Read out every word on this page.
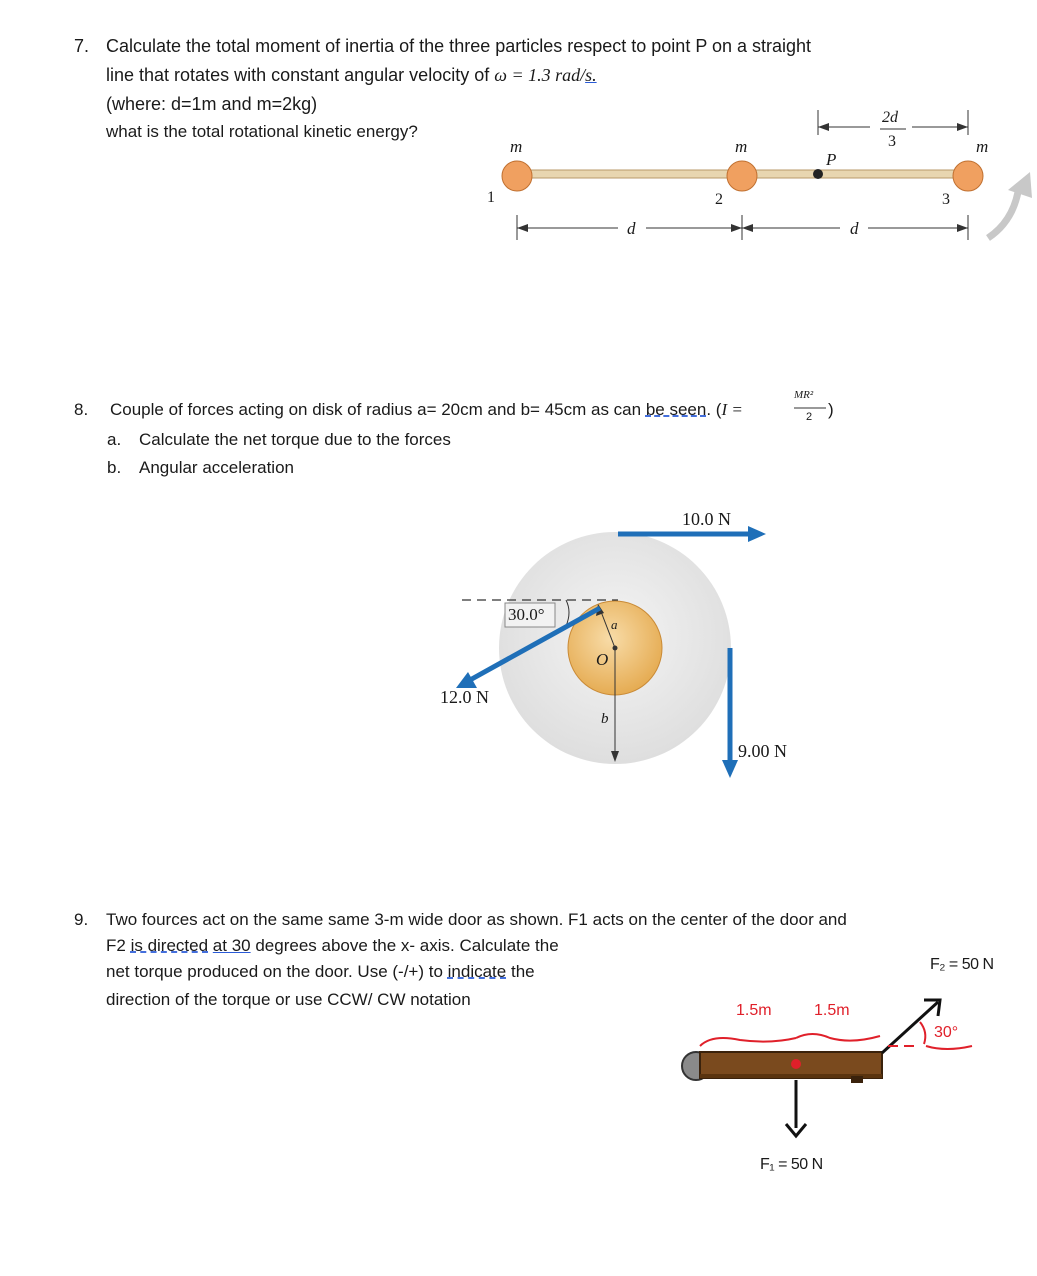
7. Calculate the total moment of inertia of the three particles respect to point P on a straight
line that rotates with constant angular velocity of ω = 1.3 rad/s.
(where: d=1m and m=2kg)
what is the total rotational kinetic energy?
m	m	m
1	2	3
P
2d
3
d	d
8. Couple of forces acting on disk of radius a= 20cm and b= 45cm as can be seen. (I =
MR²
2 )
a. Calculate the net torque due to the forces
b. Angular acceleration
10.0 N
30.0°
a
O
b
12.0 N
9.00 N
9. Two fources act on the same same 3-m wide door as shown. F1 acts on the center of the door and
F2 is directed at 30 degrees above the x- axis. Calculate the
net torque produced on the door. Use (-/+) to indicate the
direction of the torque or use CCW/ CW notation
F₂ = 50 N
1.5m	1.5m
30°
F₁ = 50 N
